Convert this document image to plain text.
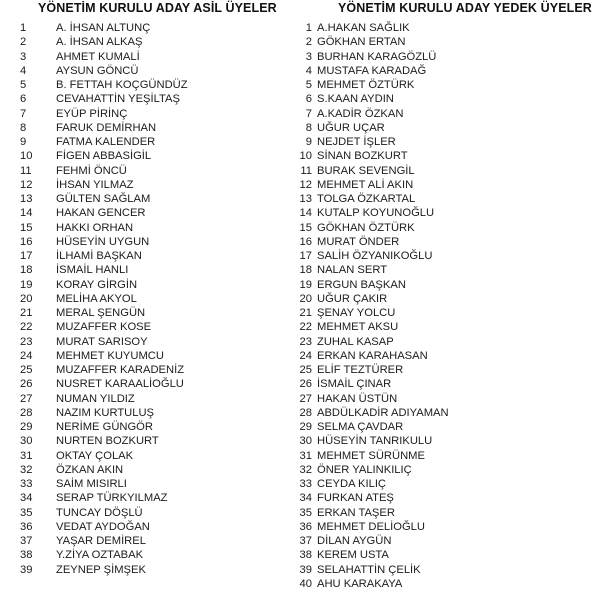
YÖNETİM KURULU ADAY ASİL ÜYELER	YÖNETİM KURULU ADAY YEDEK ÜYELER
1	A. İHSAN ALTUNÇ
2	A. İHSAN ALKAŞ
3	AHMET KUMALİ
4	AYSUN GÖNCÜ
5	B. FETTAH KOÇGÜNDÜZ
6	CEVAHATTİN YEŞİLTAŞ
7	EYÜP PİRİNÇ
8	FARUK DEMİRHAN
9	FATMA KALENDER
10	FİGEN ABBASİGİL
11	FEHMİ ÖNCÜ
12	İHSAN YILMAZ
13	GÜLTEN SAĞLAM
14	HAKAN GENCER
15	HAKKI ORHAN
16	HÜSEYİN UYGUN
17	İLHAMİ BAŞKAN
18	İSMAİL HANLI
19	KORAY GİRGİN
20	MELİHA AKYOL
21	MERAL ŞENGÜN
22	MUZAFFER KOSE
23	MURAT SARISOY
24	MEHMET KUYUMCU
25	MUZAFFER KARADENİZ
26	NUSRET KARAALİOĞLU
27	NUMAN YILDIZ
28	NAZIM KURTULUŞ
29	NERİME GÜNGÖR
30	NURTEN BOZKURT
31	OKTAY ÇOLAK
32	ÖZKAN AKIN
33	SAİM MISIRLI
34	SERAP TÜRKYILMAZ
35	TUNCAY DÖŞLÜ
36	VEDAT AYDOĞAN
37	YAŞAR DEMİREL
38	Y.ZİYA OZTABAK
39	ZEYNEP ŞİMŞEK
1 A.HAKAN SAĞLIK
2 GÖKHAN ERTAN
3 BURHAN KARAGÖZLÜ
4 MUSTAFA KARADAĞ
5 MEHMET ÖZTÜRK
6 S.KAAN AYDIN
7 A.KADİR ÖZKAN
8 UĞUR UÇAR
9 NEJDET İŞLER
10 SİNAN BOZKURT
11 BURAK SEVENGİL
12 MEHMET ALİ AKIN
13 TOLGA ÖZKARTAL
14 KUTALP KOYUNOĞLU
15 GÖKHAN ÖZTÜRK
16 MURAT ÖNDER
17 SALİH ÖZYANIKOĞLU
18 NALAN SERT
19 ERGUN BAŞKAN
20 UĞUR ÇAKIR
21 ŞENAY YOLCU
22 MEHMET AKSU
23 ZUHAL KASAP
24 ERKAN KARAHASAN
25 ELİF TEZTÜRER
26 İSMAİL ÇINAR
27 HAKAN ÜSTÜN
28 ABDÜLKADİR ADIYAMAN
29 SELMA ÇAVDAR
30 HÜSEYİN TANRIKULU
31 MEHMET SÜRÜNME
32 ÖNER YALINKILIÇ
33 CEYDA KILIÇ
34 FURKAN ATEŞ
35 ERKAN TAŞER
36 MEHMET DELİOĞLU
37 DİLAN AYGÜN
38 KEREM USTA
39 SELAHATTİN ÇELİK
40 AHU KARAKAYA
